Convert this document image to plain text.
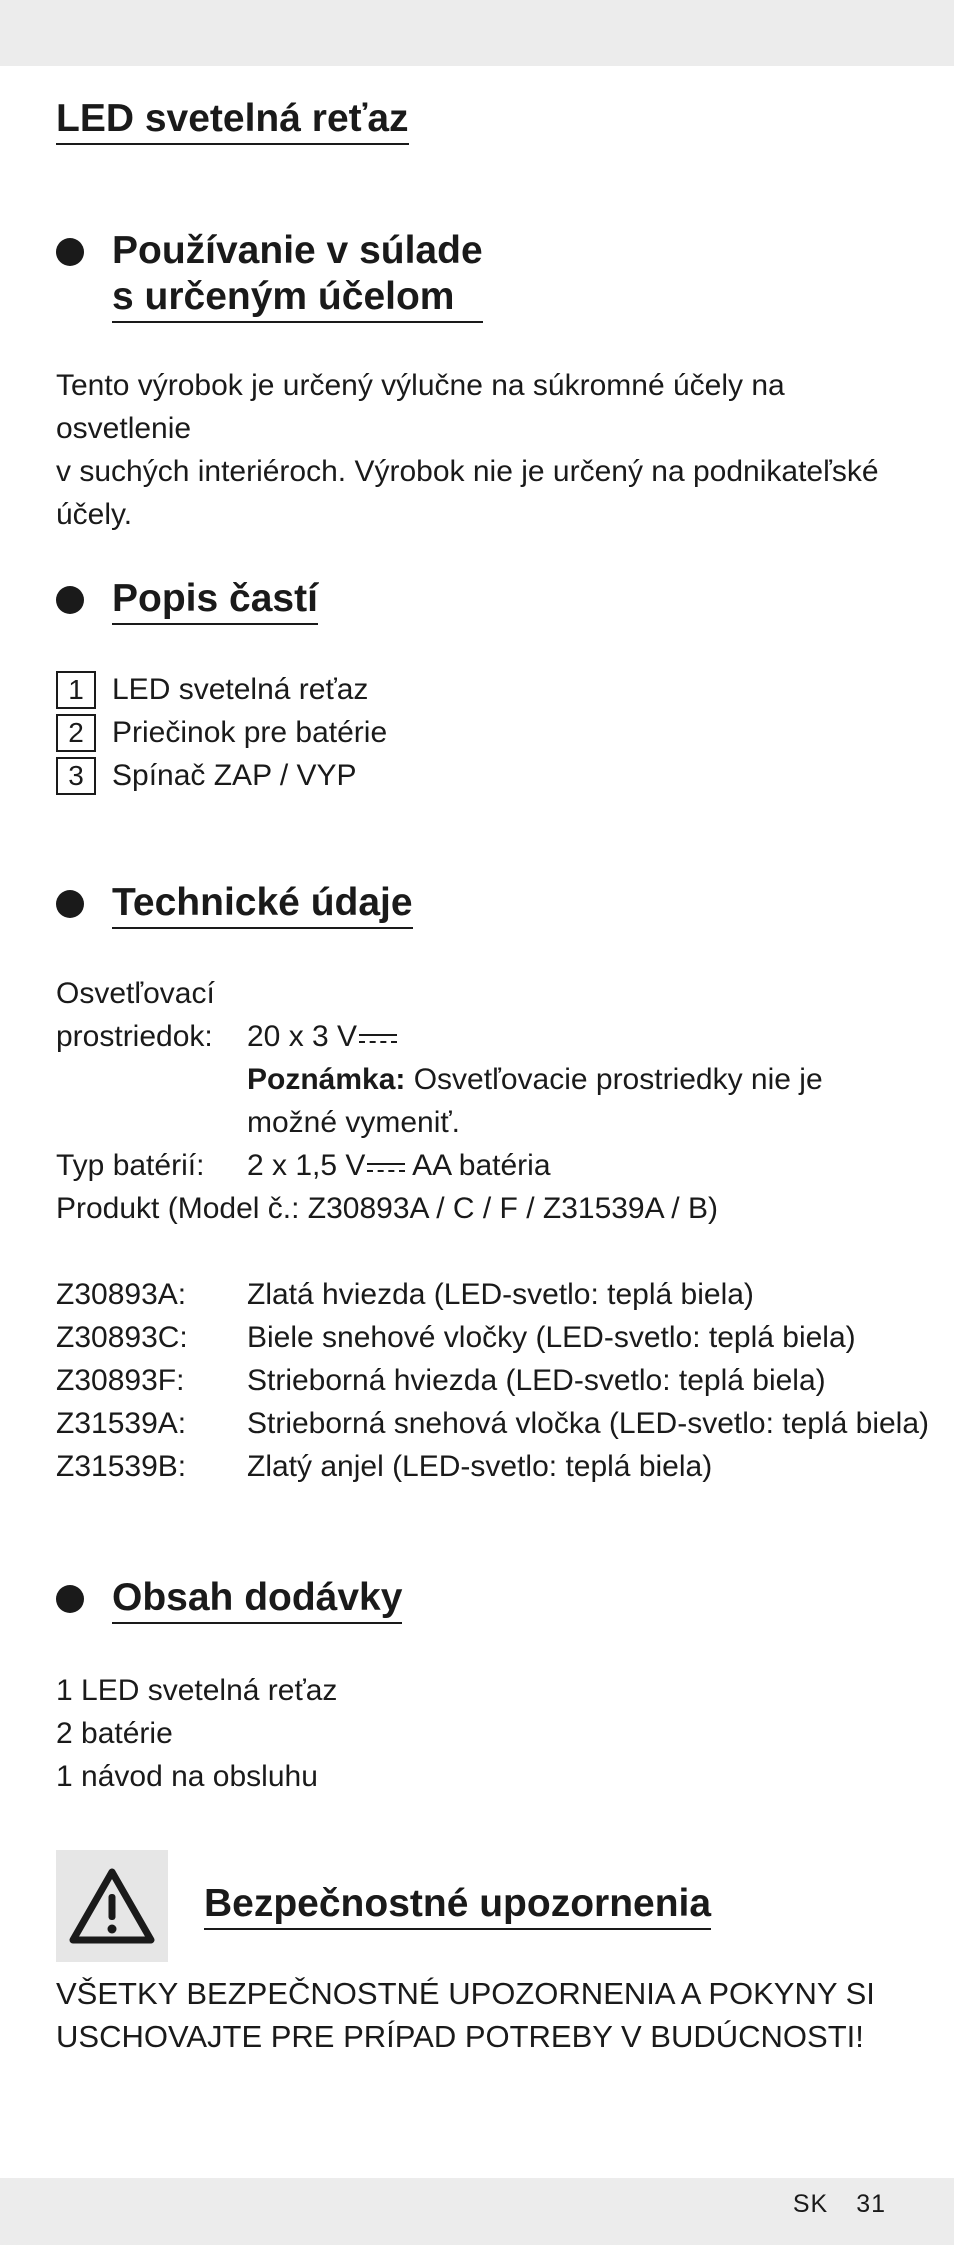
LED svetelná reťaz
Používanie v súlade
s určeným účelom
Tento výrobok je určený výlučne na súkromné účely na osvetlenie
v suchých interiéroch. Výrobok nie je určený na podnikateľské
účely.
Popis častí
1 LED svetelná reťaz
2 Priečinok pre batérie
3 Spínač ZAP / VYP
Technické údaje
Osvetľovací
prostriedok:	20 x 3 V
Poznámka: Osvetľovacie prostriedky nie je
možné vymeniť.
Typ batérií:	2 x 1,5 V AA batéria
Produkt (Model č.: Z30893A / C / F / Z31539A / B)
Z30893A:	Zlatá hviezda (LED-svetlo: teplá biela)
Z30893C:	Biele snehové vločky (LED-svetlo: teplá biela)
Z30893F:	Strieborná hviezda (LED-svetlo: teplá biela)
Z31539A:	Strieborná snehová vločka (LED-svetlo: teplá biela)
Z31539B:	Zlatý anjel (LED-svetlo: teplá biela)
Obsah dodávky
1 LED svetelná reťaz
2 batérie
1 návod na obsluhu
Bezpečnostné upozornenia
VŠETKY BEZPEČNOSTNÉ UPOZORNENIA A POKYNY SI
USCHOVAJTE PRE PRÍPAD POTREBY V BUDÚCNOSTI!
SK 31
